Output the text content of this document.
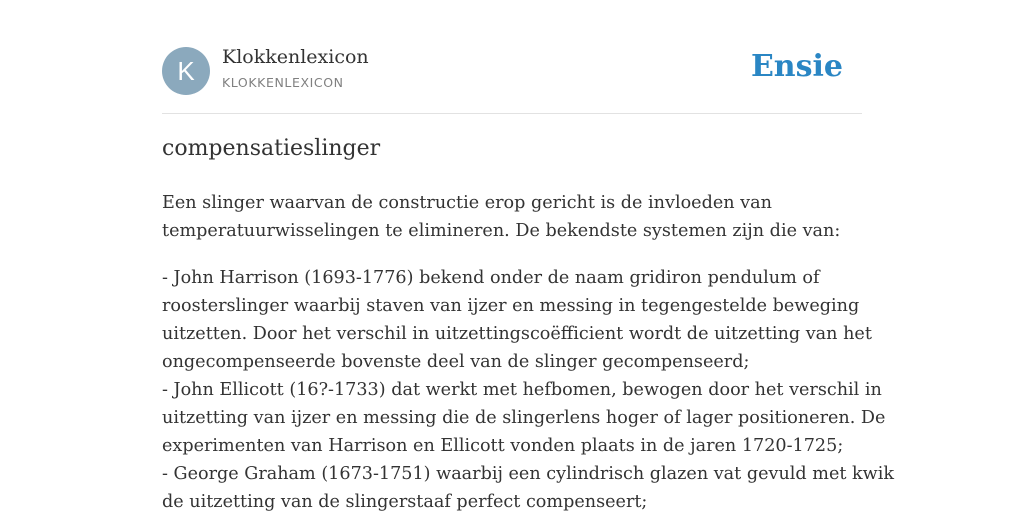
K	Klokkenlexicon
KLOKKENLEXICON	Ensie
compensatieslinger

Een slinger waarvan de constructie erop gericht is de invloeden van
temperatuurwisselingen te elimineren. De bekendste systemen zijn die van:

- John Harrison (1693-1776) bekend onder de naam gridiron pendulum of
roosterslinger waarbij staven van ijzer en messing in tegengestelde beweging
uitzetten. Door het verschil in uitzettingscoëfficient wordt de uitzetting van het
ongecompenseerde bovenste deel van de slinger gecompenseerd;
- John Ellicott (16?-1733) dat werkt met hefbomen, bewogen door het verschil in
uitzetting van ijzer en messing die de slingerlens hoger of lager positioneren. De
experimenten van Harrison en Ellicott vonden plaats in de jaren 1720-1725;
- George Graham (1673-1751) waarbij een cylindrisch glazen vat gevuld met kwik
de uitzetting van de slingerstaaf perfect compenseert;
